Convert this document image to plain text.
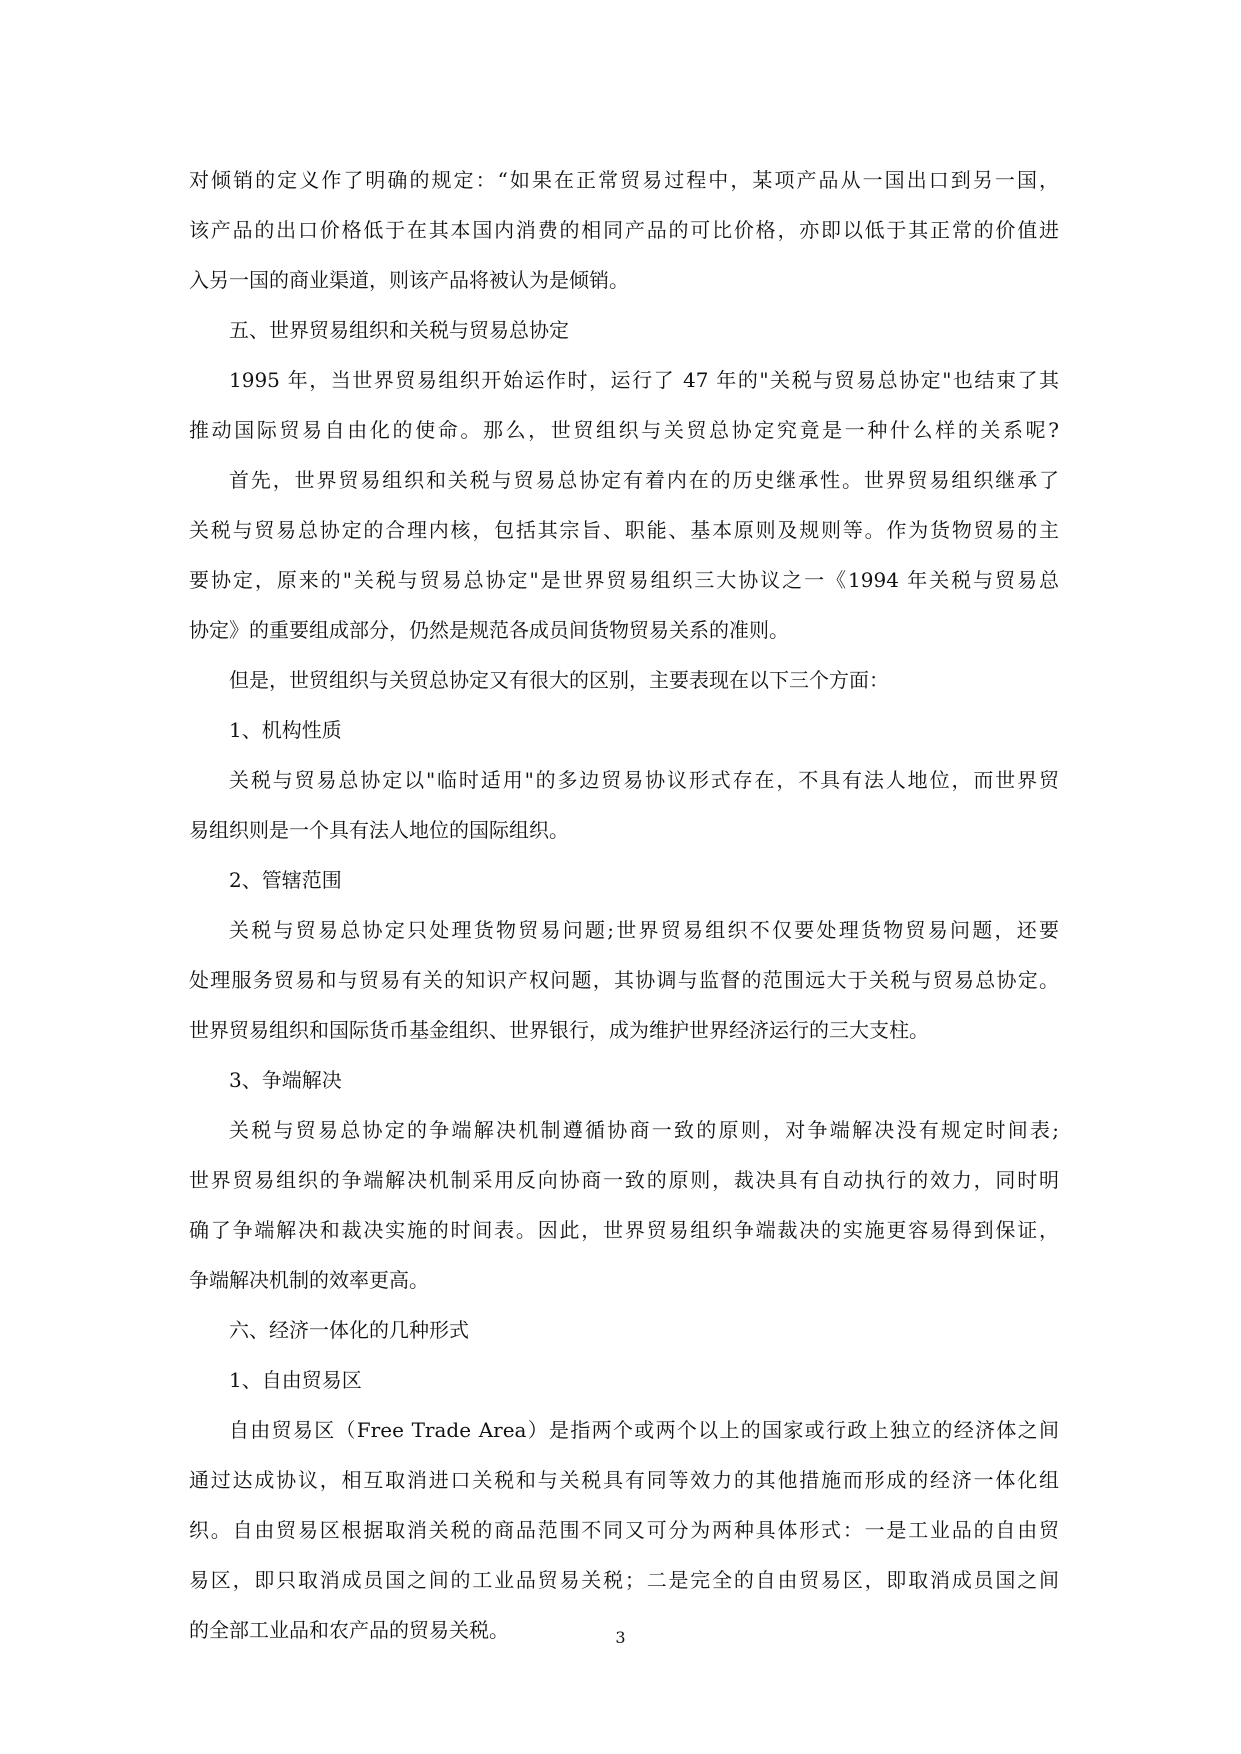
对倾销的定义作了明确的规定：“如果在正常贸易过程中，某项产品从一国出口到另一国，
该产品的出口价格低于在其本国内消费的相同产品的可比价格，亦即以低于其正常的价值进
入另一国的商业渠道，则该产品将被认为是倾销。
五、世界贸易组织和关税与贸易总协定
1995 年，当世界贸易组织开始运作时，运行了 47 年的"关税与贸易总协定"也结束了其
推动国际贸易自由化的使命。那么，世贸组织与关贸总协定究竟是一种什么样的关系呢?
首先，世界贸易组织和关税与贸易总协定有着内在的历史继承性。世界贸易组织继承了
关税与贸易总协定的合理内核，包括其宗旨、职能、基本原则及规则等。作为货物贸易的主
要协定，原来的"关税与贸易总协定"是世界贸易组织三大协议之一《1994 年关税与贸易总
协定》的重要组成部分，仍然是规范各成员间货物贸易关系的准则。
但是，世贸组织与关贸总协定又有很大的区别，主要表现在以下三个方面：
1、机构性质
关税与贸易总协定以"临时适用"的多边贸易协议形式存在，不具有法人地位，而世界贸
易组织则是一个具有法人地位的国际组织。
2、管辖范围
关税与贸易总协定只处理货物贸易问题;世界贸易组织不仅要处理货物贸易问题，还要
处理服务贸易和与贸易有关的知识产权问题，其协调与监督的范围远大于关税与贸易总协定。
世界贸易组织和国际货币基金组织、世界银行，成为维护世界经济运行的三大支柱。
3、争端解决
关税与贸易总协定的争端解决机制遵循协商一致的原则，对争端解决没有规定时间表;
世界贸易组织的争端解决机制采用反向协商一致的原则，裁决具有自动执行的效力，同时明
确了争端解决和裁决实施的时间表。因此，世界贸易组织争端裁决的实施更容易得到保证，
争端解决机制的效率更高。
六、经济一体化的几种形式
1、自由贸易区
自由贸易区（Free Trade Area）是指两个或两个以上的国家或行政上独立的经济体之间
通过达成协议，相互取消进口关税和与关税具有同等效力的其他措施而形成的经济一体化组
织。自由贸易区根据取消关税的商品范围不同又可分为两种具体形式：一是工业品的自由贸
易区，即只取消成员国之间的工业品贸易关税；二是完全的自由贸易区，即取消成员国之间
的全部工业品和农产品的贸易关税。	3
